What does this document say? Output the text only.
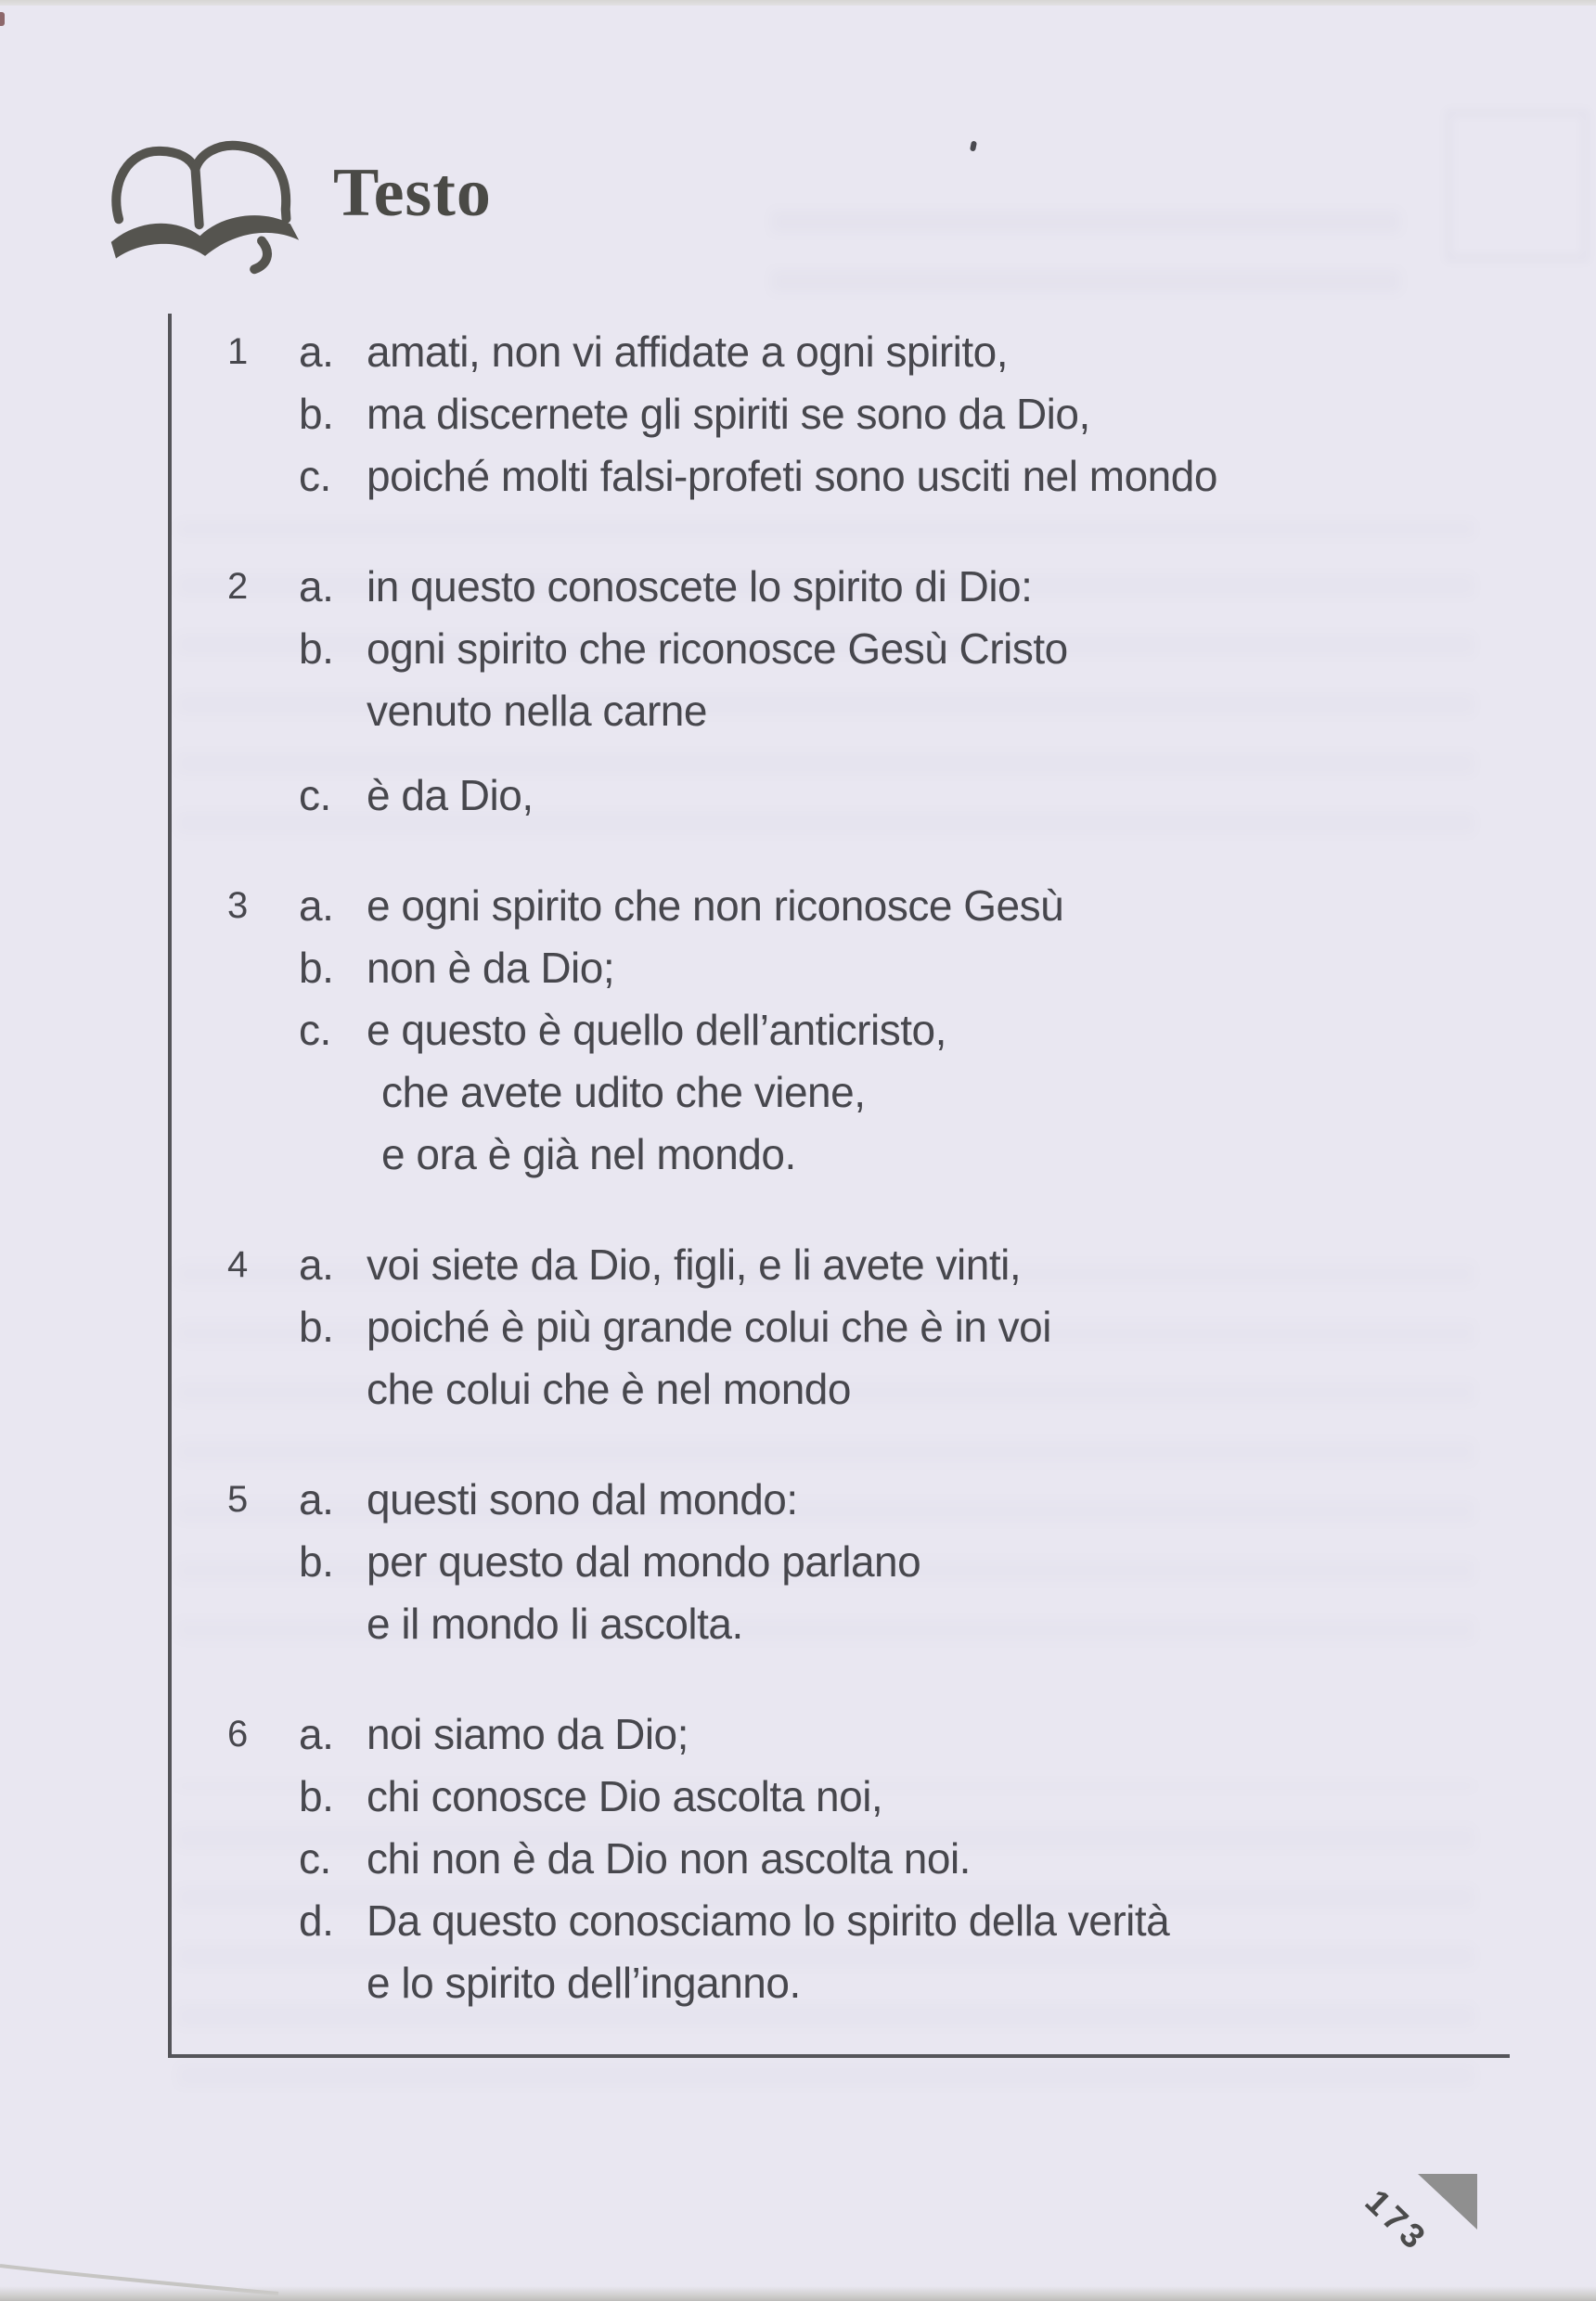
Testo
1	a. amati, non vi affidate a ogni spirito,
b. ma discernete gli spiriti se sono da Dio,
c. poiché molti falsi-profeti sono usciti nel mondo
2	a. in questo conoscete lo spirito di Dio:
b. ogni spirito che riconosce Gesù Cristo
venuto nella carne
c. è da Dio,
3	a. e ogni spirito che non riconosce Gesù
b. non è da Dio;
c. e questo è quello dell’anticristo,
che avete udito che viene,
e ora è già nel mondo.
4	a. voi siete da Dio, figli, e li avete vinti,
b. poiché è più grande colui che è in voi
che colui che è nel mondo
5	a. questi sono dal mondo:
b. per questo dal mondo parlano
e il mondo li ascolta.
6	a. noi siamo da Dio;
b. chi conosce Dio ascolta noi,
c. chi non è da Dio non ascolta noi.
d. Da questo conosciamo lo spirito della verità
e lo spirito dell’inganno.
173
